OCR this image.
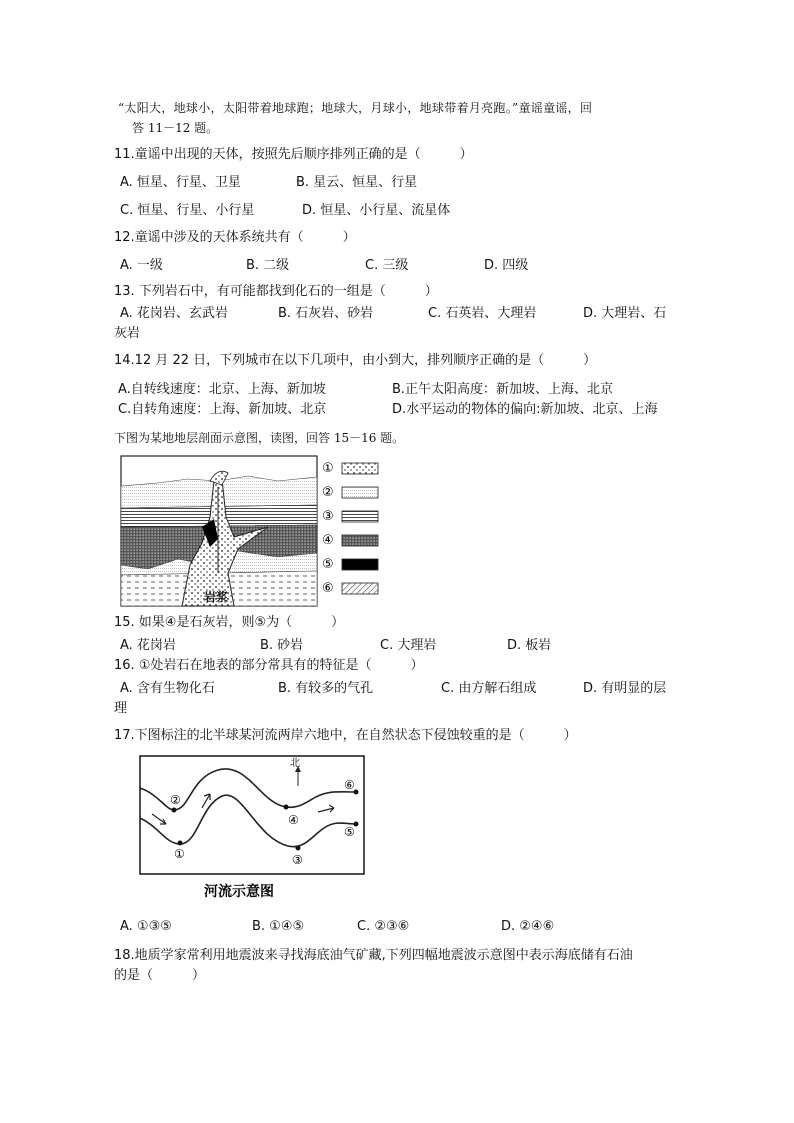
“太阳大，地球小，太阳带着地球跑；地球大，月球小，地球带着月亮跑。”童谣童谣，回
答 11－12 题。
11.童谣中出现的天体，按照先后顺序排列正确的是（　　　）
A. 恒星、行星、卫星	B. 星云、恒星、行星
C. 恒星、行星、小行星	D. 恒星、小行星、流星体
12.童谣中涉及的天体系统共有（　　　）
A. 一级	B. 二级	C. 三级	D. 四级
13. 下列岩石中，有可能都找到化石的一组是（　　　）
A. 花岗岩、玄武岩	B. 石灰岩、砂岩	C. 石英岩、大理岩	D. 大理岩、石
灰岩
14.12 月 22 日，下列城市在以下几项中，由小到大，排列顺序正确的是（　　　）
A.自转线速度：北京、上海、新加坡	B.正午太阳高度：新加坡、上海、北京
C.自转角速度：上海、新加坡、北京	D.水平运动的物体的偏向:新加坡、北京、上海
下图为某地地层剖面示意图，读图，回答 15－16 题。
岩浆
①
②
③
④
⑤
⑥
15. 如果④是石灰岩，则⑤为（　　　）
A. 花岗岩	B. 砂岩	C. 大理岩	D. 板岩
16. ①处岩石在地表的部分常具有的特征是（　　　）
A. 含有生物化石	B. 有较多的气孔	C. 由方解石组成	D. 有明显的层
理
17.下图标注的北半球某河流两岸六地中，在自然状态下侵蚀较重的是（　　　）
北
①
②
③
④
⑤
⑥
河流示意图
A. ①③⑤	B. ①④⑤	C. ②③⑥	D. ②④⑥
18.地质学家常利用地震波来寻找海底油气矿藏,下列四幅地震波示意图中表示海底储有石油
的是（　　　）
